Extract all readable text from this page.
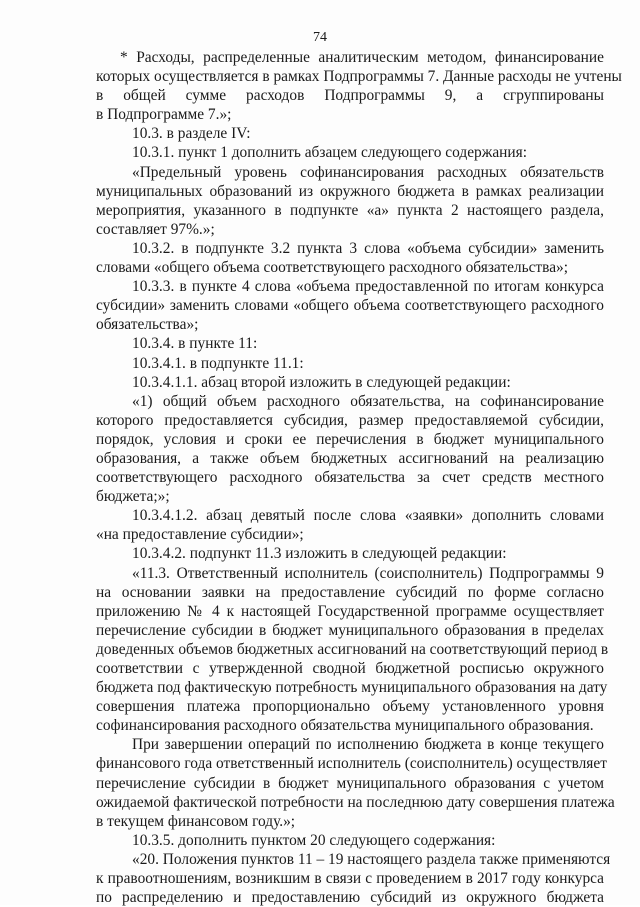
74
* Расходы, распределенные аналитическим методом, финансирование
которых осуществляется в рамках Подпрограммы 7. Данные расходы не учтены
в общей сумме расходов Подпрограммы 9, а сгруппированы
в Подпрограмме 7.»;
10.3. в разделе IV:
10.3.1. пункт 1 дополнить абзацем следующего содержания:
«Предельный уровень софинансирования расходных обязательств
муниципальных образований из окружного бюджета в рамках реализации
мероприятия, указанного в подпункте «а» пункта 2 настоящего раздела,
составляет 97%.»;
10.3.2. в подпункте 3.2 пункта 3 слова «объема субсидии» заменить
словами «общего объема соответствующего расходного обязательства»;
10.3.3. в пункте 4 слова «объема предоставленной по итогам конкурса
субсидии» заменить словами «общего объема соответствующего расходного
обязательства»;
10.3.4. в пункте 11:
10.3.4.1. в подпункте 11.1:
10.3.4.1.1. абзац второй изложить в следующей редакции:
«1) общий объем расходного обязательства, на софинансирование
которого предоставляется субсидия, размер предоставляемой субсидии,
порядок, условия и сроки ее перечисления в бюджет муниципального
образования, а также объем бюджетных ассигнований на реализацию
соответствующего расходного обязательства за счет средств местного
бюджета;»;
10.3.4.1.2. абзац девятый после слова «заявки» дополнить словами
«на предоставление субсидии»;
10.3.4.2. подпункт 11.3 изложить в следующей редакции:
«11.3. Ответственный исполнитель (соисполнитель) Подпрограммы 9
на основании заявки на предоставление субсидий по форме согласно
приложению № 4 к настоящей Государственной программе осуществляет
перечисление субсидии в бюджет муниципального образования в пределах
доведенных объемов бюджетных ассигнований на соответствующий период в
соответствии с утвержденной сводной бюджетной росписью окружного
бюджета под фактическую потребность муниципального образования на дату
совершения платежа пропорционально объему установленного уровня
софинансирования расходного обязательства муниципального образования.
При завершении операций по исполнению бюджета в конце текущего
финансового года ответственный исполнитель (соисполнитель) осуществляет
перечисление субсидии в бюджет муниципального образования с учетом
ожидаемой фактической потребности на последнюю дату совершения платежа
в текущем финансовом году.»;
10.3.5. дополнить пунктом 20 следующего содержания:
«20. Положения пунктов 11 – 19 настоящего раздела также применяются
к правоотношениям, возникшим в связи с проведением в 2017 году конкурса
по распределению и предоставлению субсидий из окружного бюджета
